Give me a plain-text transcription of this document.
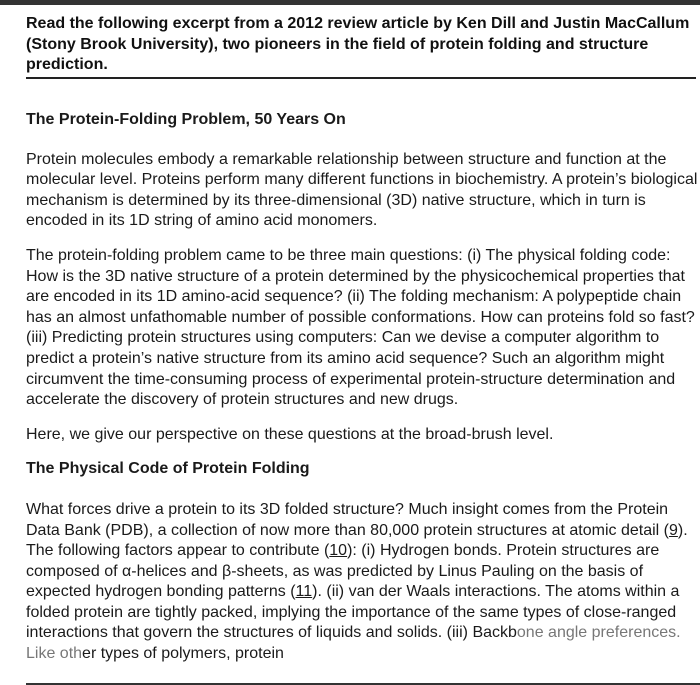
Read the following excerpt from a 2012 review article by Ken Dill and Justin MacCallum (Stony Brook University), two pioneers in the field of protein folding and structure prediction.

The Protein-Folding Problem, 50 Years On

Protein molecules embody a remarkable relationship between structure and function at the molecular level. Proteins perform many different functions in biochemistry. A protein’s biological mechanism is determined by its three-dimensional (3D) native structure, which in turn is encoded in its 1D string of amino acid monomers.

The protein-folding problem came to be three main questions: (i) The physical folding code: How is the 3D native structure of a protein determined by the physicochemical properties that are encoded in its 1D amino-acid sequence? (ii) The folding mechanism: A polypeptide chain has an almost unfathomable number of possible conformations. How can proteins fold so fast? (iii) Predicting protein structures using computers: Can we devise a computer algorithm to predict a protein’s native structure from its amino acid sequence? Such an algorithm might circumvent the time-consuming process of experimental protein-structure determination and accelerate the discovery of protein structures and new drugs.

Here, we give our perspective on these questions at the broad-brush level.

The Physical Code of Protein Folding

What forces drive a protein to its 3D folded structure? Much insight comes from the Protein Data Bank (PDB), a collection of now more than 80,000 protein structures at atomic detail (9). The following factors appear to contribute (10): (i) Hydrogen bonds. Protein structures are composed of α-helices and β-sheets, as was predicted by Linus Pauling on the basis of expected hydrogen bonding patterns (11). (ii) van der Waals interactions. The atoms within a folded protein are tightly packed, implying the importance of the same types of close-ranged interactions that govern the structures of liquids and solids. (iii) Backbone angle preferences. Like other types of polymers, protein
